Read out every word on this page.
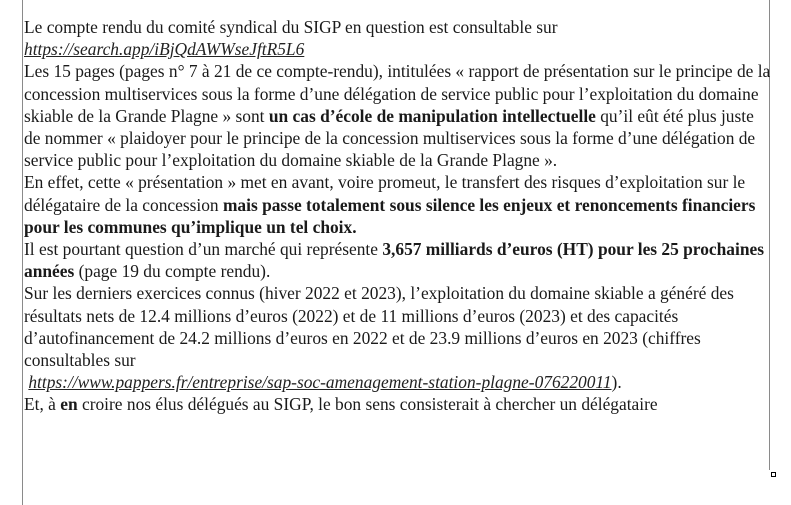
Le compte rendu du comité syndical du SIGP en question est consultable sur
https://search.app/iBjQdAWWseJftR5L6

Les 15 pages (pages n° 7 à 21 de ce compte-rendu), intitulées « rapport de présentation sur le principe de la concession multiservices sous la forme d’une délégation de service public pour l’exploitation du domaine skiable de la Grande Plagne » sont un cas d’école de manipulation intellectuelle qu’il eût été plus juste de nommer « plaidoyer pour le principe de la concession multiservices sous la forme d’une délégation de service public pour l’exploitation du domaine skiable de la Grande Plagne ».

En effet, cette « présentation » met en avant, voire promeut, le transfert des risques d’exploitation sur le délégataire de la concession mais passe totalement sous silence les enjeux et renoncements financiers pour les communes qu’implique un tel choix.

Il est pourtant question d’un marché qui représente 3,657 milliards d’euros (HT) pour les 25 prochaines années (page 19 du compte rendu).

Sur les derniers exercices connus (hiver 2022 et 2023), l’exploitation du domaine skiable a généré des résultats nets de 12.4 millions d’euros (2022) et de 11 millions d’euros (2023) et des capacités d’autofinancement de 24.2 millions d’euros en 2022 et de 23.9 millions d’euros en 2023 (chiffres consultables sur
https://www.pappers.fr/entreprise/sap-soc-amenagement-station-plagne-076220011).

Et, à en croire nos élus délégués au SIGP, le bon sens consisterait à chercher un délégataire
